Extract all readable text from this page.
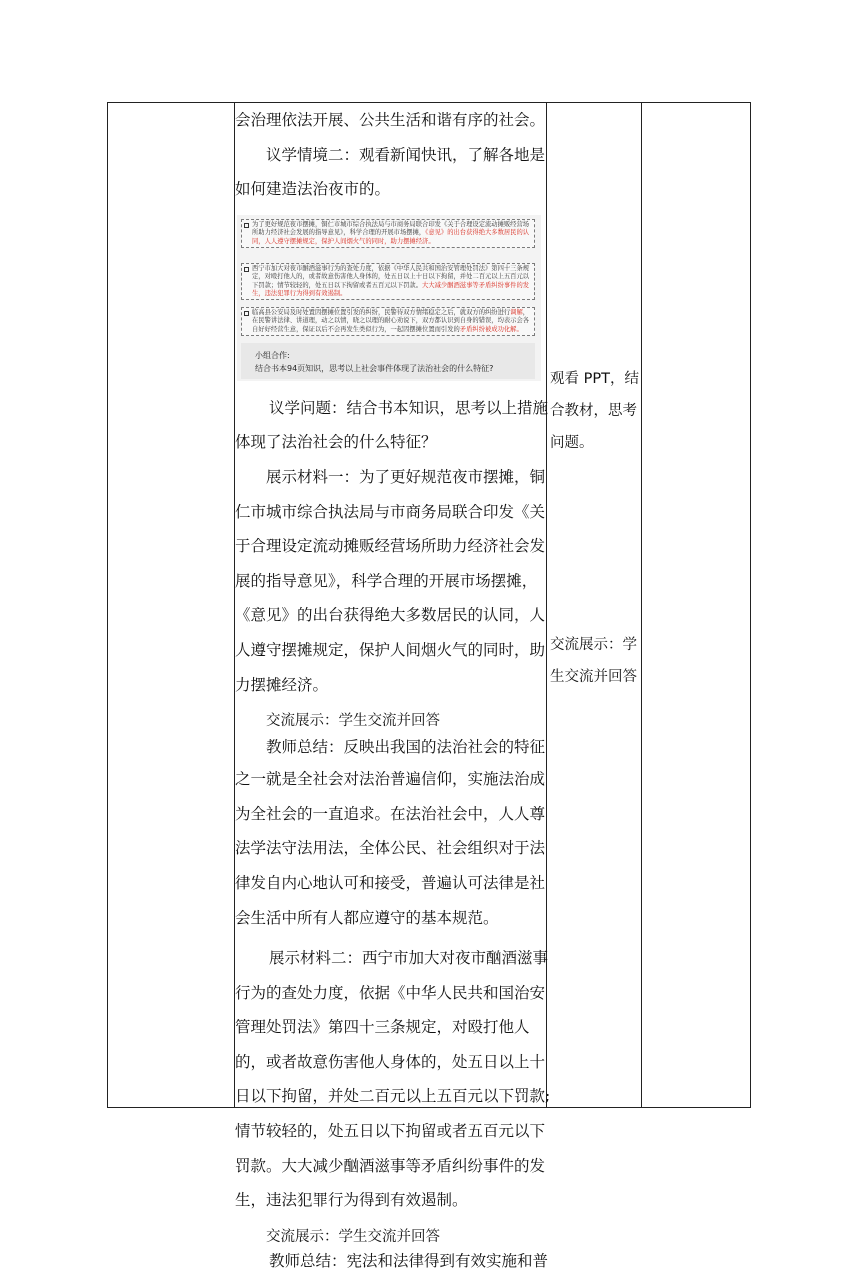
会治理依法开展、公共生活和谐有序的社会。

议学情境二：观看新闻快讯，了解各地是

如何建造法治夜市的。

为了更好规范夜市摆摊，铜仁市城市综合执法局与市商务局联合印发《关于合理设定流动摊贩经营场所助力经济社会发展的指导意见》，科学合理的开展市场摆摊，《意见》的出台获得绝大多数居民的认同，人人遵守摆摊规定，保护人间烟火气的同时，助力摆摊经济。
西宁市加大对夜市酗酒滋事行为的查处力度，依据《中华人民共和国治安管理处罚法》第四十三条规定，对殴打他人的，或者故意伤害他人身体的，处五日以上十日以下拘留，并处二百元以上五百元以下罚款；情节较轻的，处五日以下拘留或者五百元以下罚款。大大减少酗酒滋事等矛盾纠纷事件的发生，违法犯罪行为得到有效遏制。
临高县公安局及时处置因摆摊位置引发的纠纷，民警待双方情绪稳定之后，就双方的纠纷进行调解，在民警讲法律、讲道理，动之以情，晓之以理的耐心劝说下，双方都认识到自身的错误，均表示会各自好好经营生意，保证以后不会再发生类似行为，一起因摆摊位置而引发的矛盾纠纷被成功化解。
小组合作:
结合书本94页知识，思考以上社会事件体现了法治社会的什么特征?

议学问题：结合书本知识，思考以上措施

体现了法治社会的什么特征？

展示材料一：为了更好规范夜市摆摊，铜

仁市城市综合执法局与市商务局联合印发《关

于合理设定流动摊贩经营场所助力经济社会发

展的指导意见》，科学合理的开展市场摆摊，

《意见》的出台获得绝大多数居民的认同，人

人遵守摆摊规定，保护人间烟火气的同时，助

力摆摊经济。

交流展示：学生交流并回答

教师总结：反映出我国的法治社会的特征

之一就是全社会对法治普遍信仰，实施法治成

为全社会的一直追求。在法治社会中，人人尊

法学法守法用法，全体公民、社会组织对于法

律发自内心地认可和接受，普遍认可法律是社

会生活中所有人都应遵守的基本规范。

展示材料二：西宁市加大对夜市酗酒滋事

行为的查处力度，依据《中华人民共和国治安

管理处罚法》第四十三条规定，对殴打他人

的，或者故意伤害他人身体的，处五日以上十

日以下拘留，并处二百元以上五百元以下罚款;

情节较轻的，处五日以下拘留或者五百元以下

罚款。大大减少酗酒滋事等矛盾纠纷事件的发

生，违法犯罪行为得到有效遏制。

交流展示：学生交流并回答

教师总结：宪法和法律得到有效实施和普

观看 PPT，结

合教材，思考

问题。

交流展示：学

生交流并回答
